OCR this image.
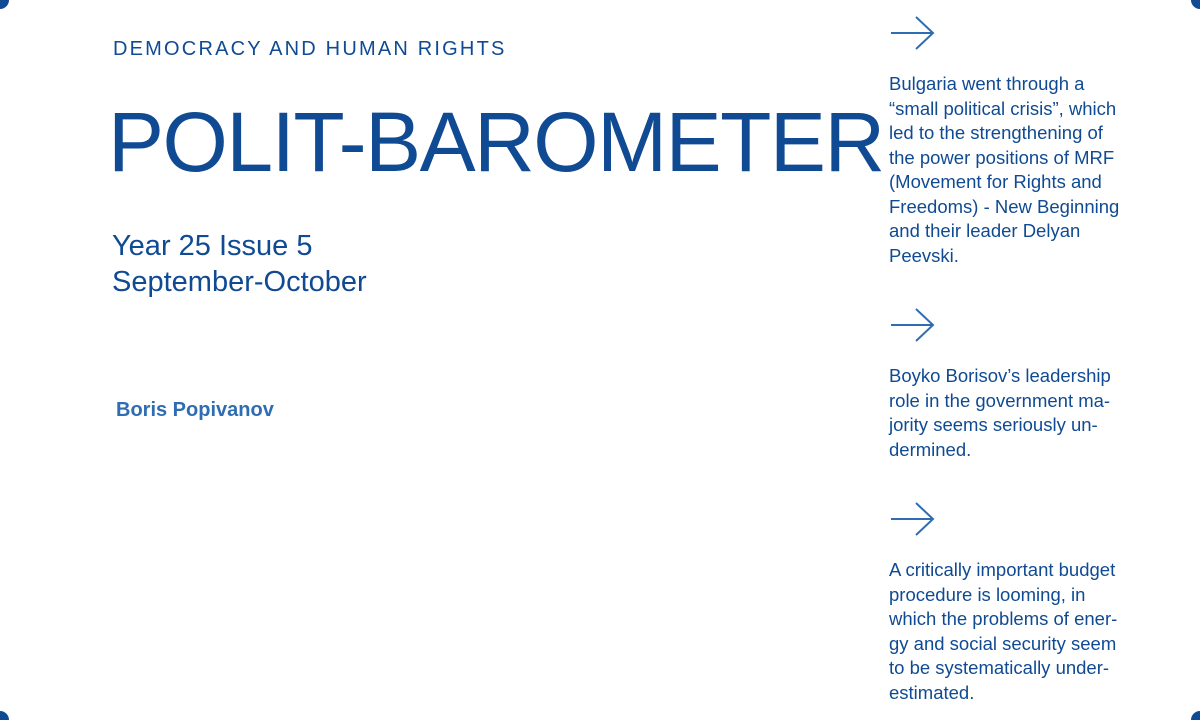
DEMOCRACY AND HUMAN RIGHTS
POLIT-BAROMETER
Year 25 Issue 5
September-October
Boris Popivanov
Bulgaria went through a
“small political crisis”, which
led to the strengthening of
the power positions of MRF
(Movement for Rights and
Freedoms) - New Beginning
and their leader Delyan
Peevski.
Boyko Borisov’s leadership
role in the government ma-
jority seems seriously un-
dermined.
A critically important budget
procedure is looming, in
which the problems of ener-
gy and social security seem
to be systematically under-
estimated.
